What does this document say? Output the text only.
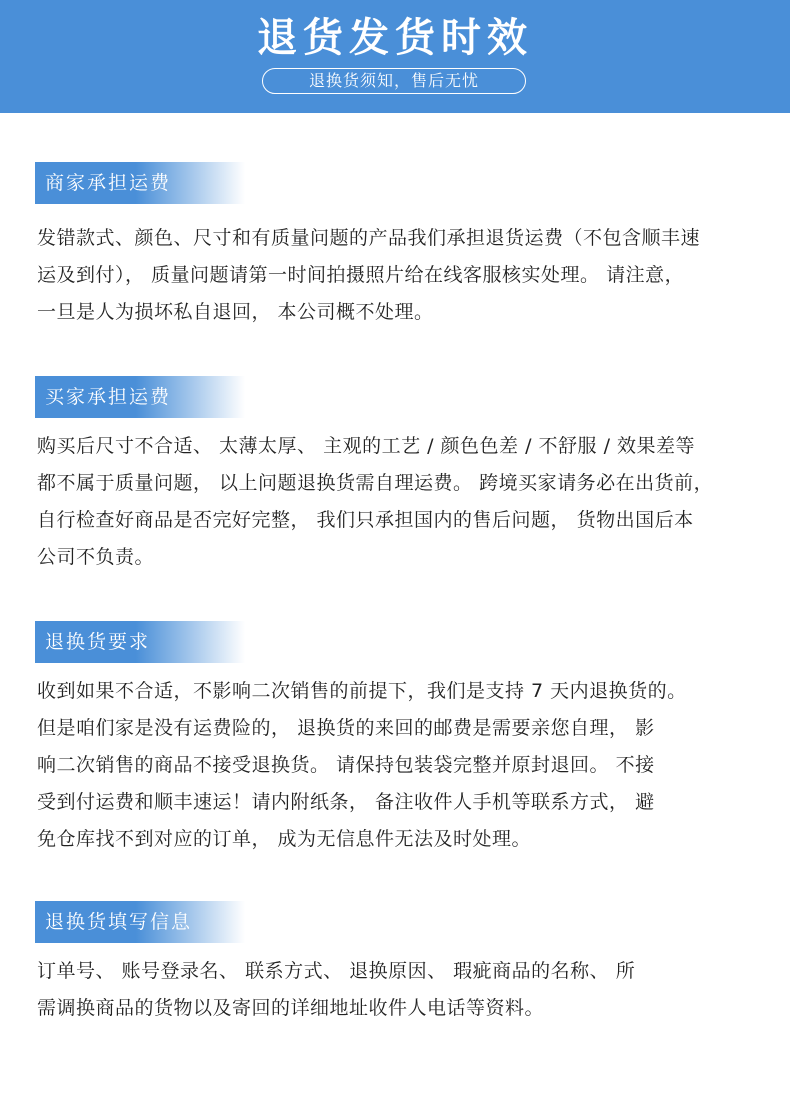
退货发货时效
退换货须知，售后无忧
商家承担运费

发错款式、颜色、尺寸和有质量问题的产品我们承担退货运费（不包含顺丰速

运及到付）， 质量问题请第一时间拍摄照片给在线客服核实处理。 请注意，

一旦是人为损坏私自退回， 本公司概不处理。

买家承担运费

购买后尺寸不合适、 太薄太厚、 主观的工艺 / 颜色色差 / 不舒服 / 效果差等

都不属于质量问题， 以上问题退换货需自理运费。 跨境买家请务必在出货前，

自行检查好商品是否完好完整， 我们只承担国内的售后问题， 货物出国后本

公司不负责。

退换货要求

收到如果不合适，不影响二次销售的前提下，我们是支持 7 天内退换货的。

但是咱们家是没有运费险的， 退换货的来回的邮费是需要亲您自理， 影

响二次销售的商品不接受退换货。 请保持包装袋完整并原封退回。 不接

受到付运费和顺丰速运！请内附纸条， 备注收件人手机等联系方式， 避

免仓库找不到对应的订单， 成为无信息件无法及时处理。

退换货填写信息

订单号、 账号登录名、 联系方式、 退换原因、 瑕疵商品的名称、 所

需调换商品的货物以及寄回的详细地址收件人电话等资料。
